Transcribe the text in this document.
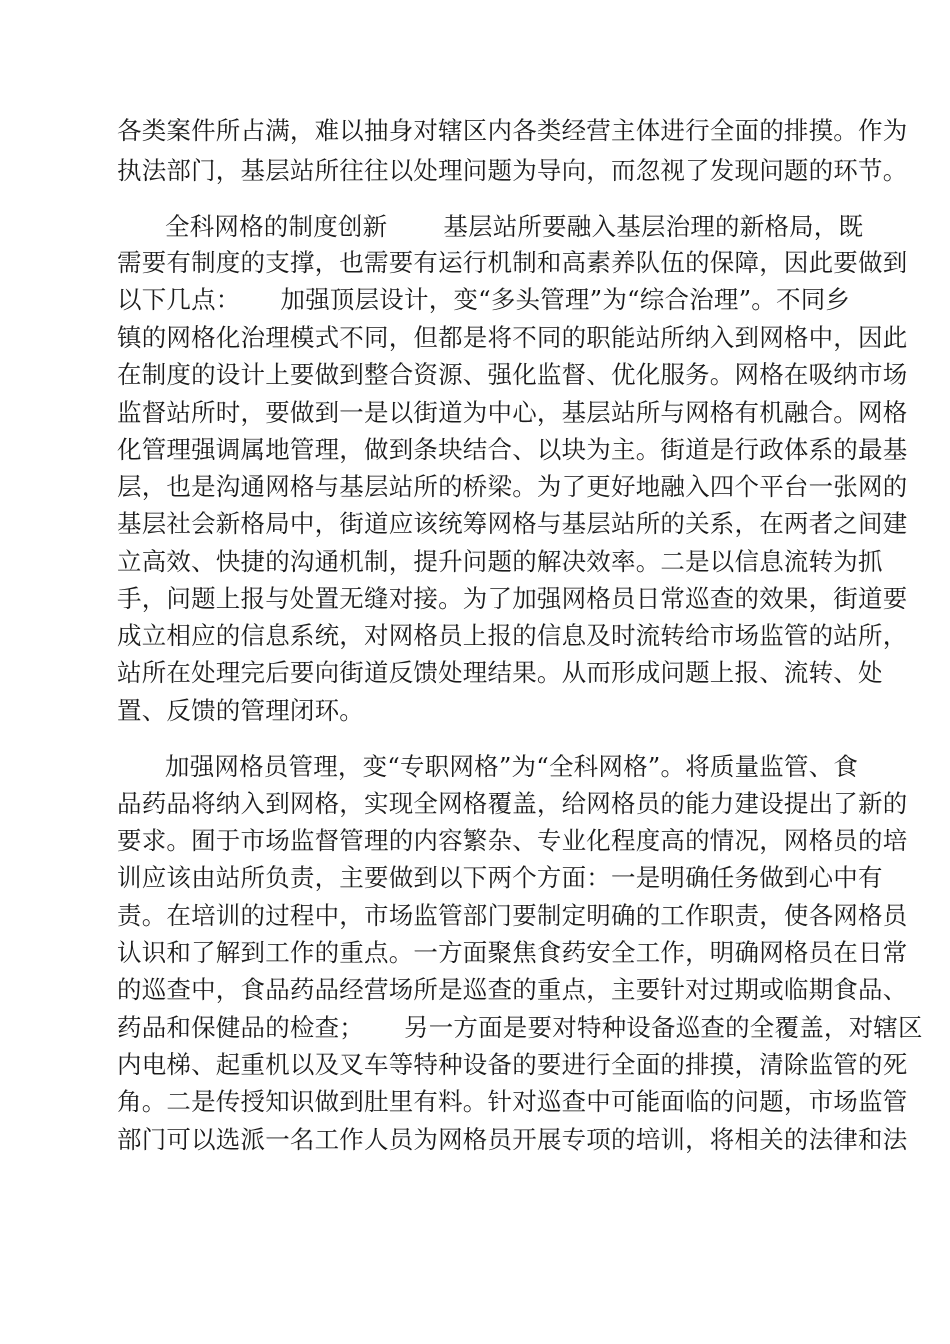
各类案件所占满，难以抽身对辖区内各类经营主体进行全面的排摸。作为
执法部门，基层站所往往以处理问题为导向，而忽视了发现问题的环节。
全科网格的制度创新 基层站所要融入基层治理的新格局，既
需要有制度的支撑，也需要有运行机制和高素养队伍的保障，因此要做到
以下几点： 加强顶层设计，变“多头管理”为“综合治理”。不同乡
镇的网格化治理模式不同，但都是将不同的职能站所纳入到网格中，因此
在制度的设计上要做到整合资源、强化监督、优化服务。网格在吸纳市场
监督站所时，要做到一是以街道为中心，基层站所与网格有机融合。网格
化管理强调属地管理，做到条块结合、以块为主。街道是行政体系的最基
层，也是沟通网格与基层站所的桥梁。为了更好地融入四个平台一张网的
基层社会新格局中，街道应该统筹网格与基层站所的关系，在两者之间建
立高效、快捷的沟通机制，提升问题的解决效率。二是以信息流转为抓
手，问题上报与处置无缝对接。为了加强网格员日常巡查的效果，街道要
成立相应的信息系统，对网格员上报的信息及时流转给市场监管的站所，
站所在处理完后要向街道反馈处理结果。从而形成问题上报、流转、处
置、反馈的管理闭环。
加强网格员管理，变“专职网格”为“全科网格”。将质量监管、食
品药品将纳入到网格，实现全网格覆盖，给网格员的能力建设提出了新的
要求。囿于市场监督管理的内容繁杂、专业化程度高的情况，网格员的培
训应该由站所负责，主要做到以下两个方面：一是明确任务做到心中有
责。在培训的过程中，市场监管部门要制定明确的工作职责，使各网格员
认识和了解到工作的重点。一方面聚焦食药安全工作，明确网格员在日常
的巡查中，食品药品经营场所是巡查的重点，主要针对过期或临期食品、
药品和保健品的检查； 另一方面是要对特种设备巡查的全覆盖，对辖区
内电梯、起重机以及叉车等特种设备的要进行全面的排摸，清除监管的死
角。二是传授知识做到肚里有料。针对巡查中可能面临的问题，市场监管
部门可以选派一名工作人员为网格员开展专项的培训，将相关的法律和法
